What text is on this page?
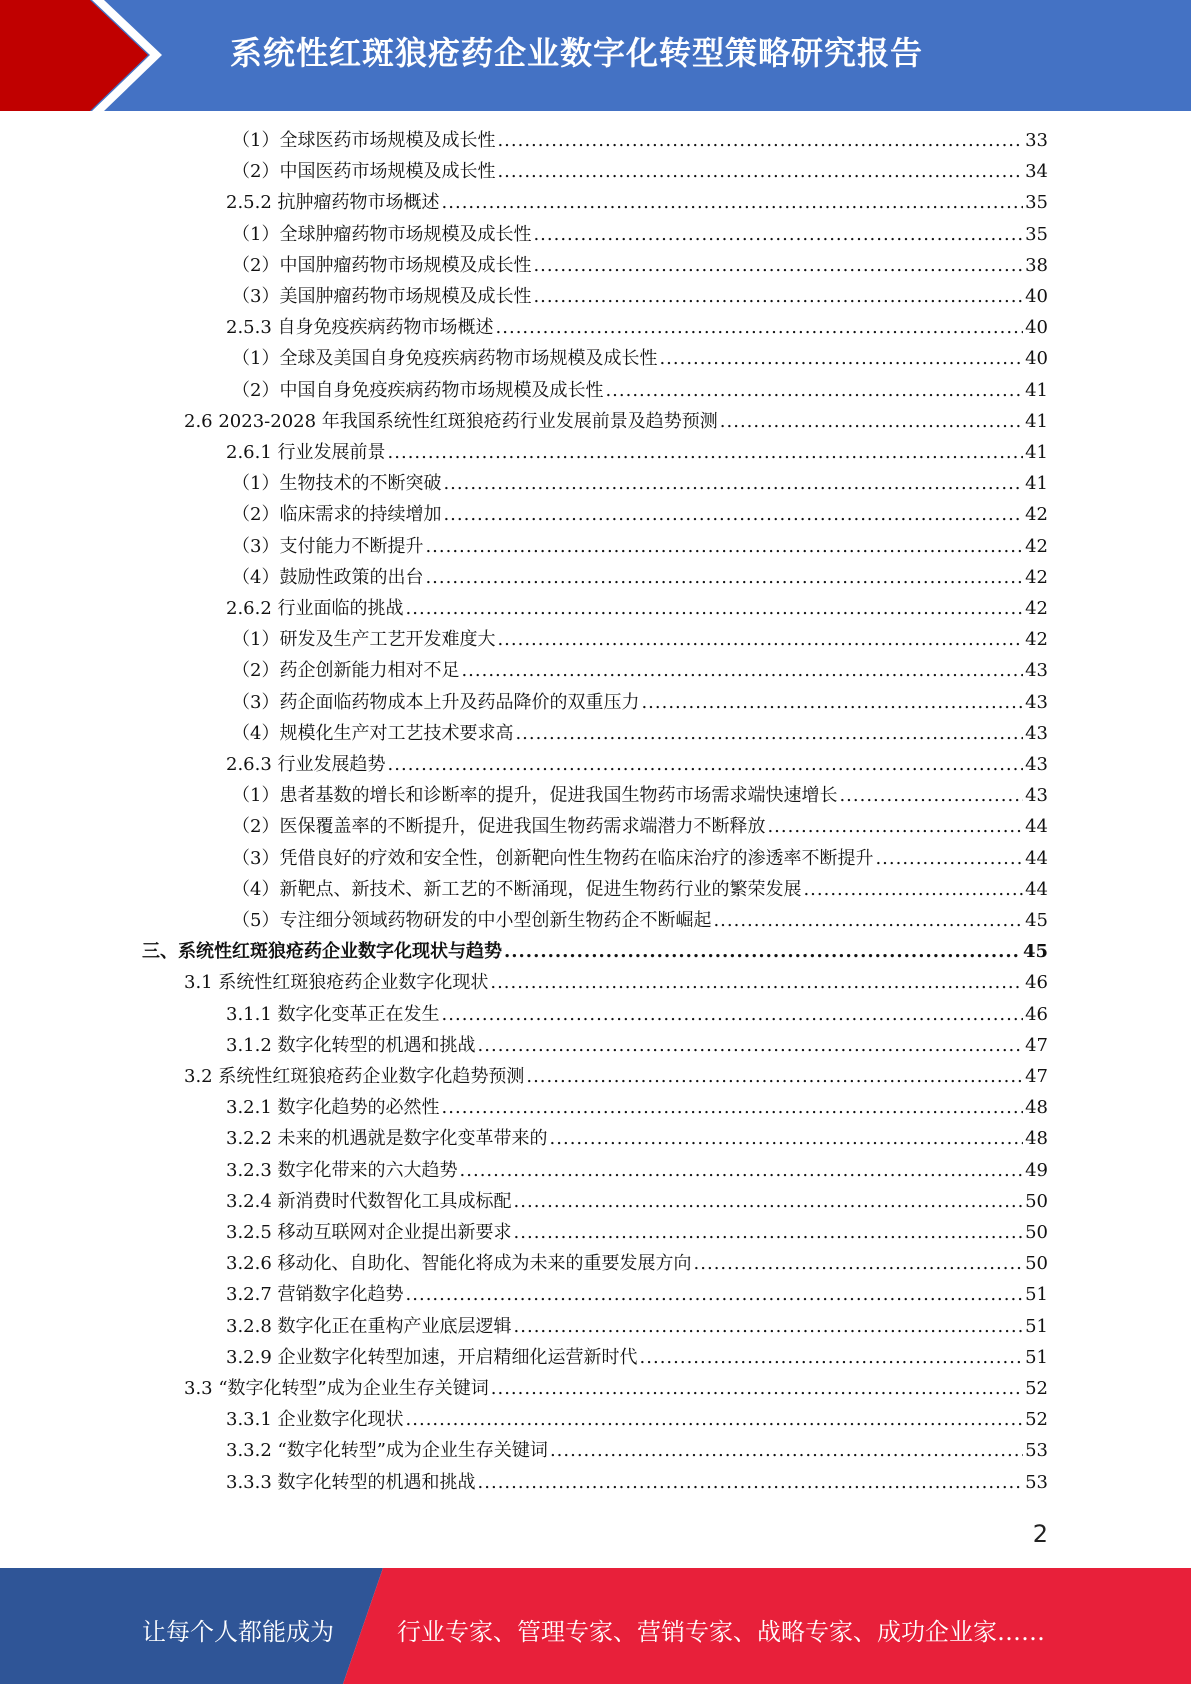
系统性红斑狼疮药企业数字化转型策略研究报告
（1）全球医药市场规模及成长性 .....	33
（2）中国医药市场规模及成长性 .....	34
2.5.2 抗肿瘤药物市场概述 .....	35
（1）全球肿瘤药物市场规模及成长性 .....	35
（2）中国肿瘤药物市场规模及成长性 .....	38
（3）美国肿瘤药物市场规模及成长性 .....	40
2.5.3 自身免疫疾病药物市场概述 .....	40
（1）全球及美国自身免疫疾病药物市场规模及成长性 .....	40
（2）中国自身免疫疾病药物市场规模及成长性 .....	41
2.6 2023-2028 年我国系统性红斑狼疮药行业发展前景及趋势预测 .....	41
2.6.1 行业发展前景 .....	41
（1）生物技术的不断突破 .....	41
（2）临床需求的持续增加 .....	42
（3）支付能力不断提升 .....	42
（4）鼓励性政策的出台 .....	42
2.6.2 行业面临的挑战 .....	42
（1）研发及生产工艺开发难度大 .....	42
（2）药企创新能力相对不足 .....	43
（3）药企面临药物成本上升及药品降价的双重压力 .....	43
（4）规模化生产对工艺技术要求高 .....	43
2.6.3 行业发展趋势 .....	43
（1）患者基数的增长和诊断率的提升，促进我国生物药市场需求端快速增长 .....	43
（2）医保覆盖率的不断提升，促进我国生物药需求端潜力不断释放 .....	44
（3）凭借良好的疗效和安全性，创新靶向性生物药在临床治疗的渗透率不断提升 .....	44
（4）新靶点、新技术、新工艺的不断涌现，促进生物药行业的繁荣发展 .....	44
（5）专注细分领域药物研发的中小型创新生物药企不断崛起 .....	45
三、系统性红斑狼疮药企业数字化现状与趋势 .....	45
3.1 系统性红斑狼疮药企业数字化现状 .....	46
3.1.1 数字化变革正在发生 .....	46
3.1.2 数字化转型的机遇和挑战 .....	47
3.2 系统性红斑狼疮药企业数字化趋势预测 .....	47
3.2.1 数字化趋势的必然性 .....	48
3.2.2 未来的机遇就是数字化变革带来的 .....	48
3.2.3 数字化带来的六大趋势 .....	49
3.2.4 新消费时代数智化工具成标配 .....	50
3.2.5 移动互联网对企业提出新要求 .....	50
3.2.6 移动化、自助化、智能化将成为未来的重要发展方向 .....	50
3.2.7 营销数字化趋势 .....	51
3.2.8 数字化正在重构产业底层逻辑 .....	51
3.2.9 企业数字化转型加速，开启精细化运营新时代 .....	51
3.3 “数字化转型”成为企业生存关键词 .....	52
3.3.1 企业数字化现状 .....	52
3.3.2 “数字化转型”成为企业生存关键词 .....	53
3.3.3 数字化转型的机遇和挑战 .....	53
2
让每个人都能成为	行业专家、管理专家、营销专家、战略专家、成功企业家……
